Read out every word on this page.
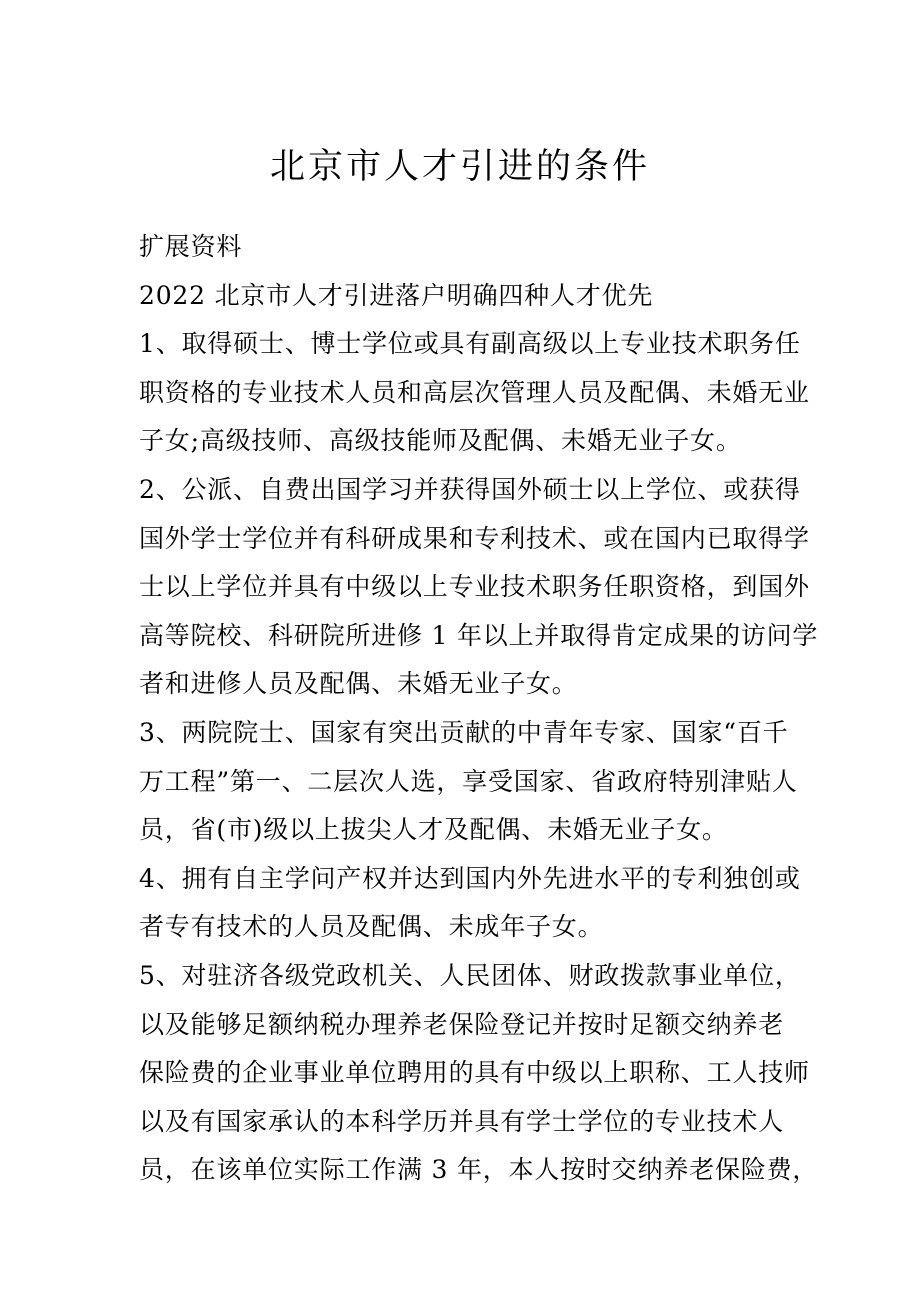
北京市人才引进的条件

扩展资料

2022 北京市人才引进落户明确四种人才优先

1、取得硕士、博士学位或具有副高级以上专业技术职务任

职资格的专业技术人员和高层次管理人员及配偶、未婚无业

子女;高级技师、高级技能师及配偶、未婚无业子女。

2、公派、自费出国学习并获得国外硕士以上学位、或获得

国外学士学位并有科研成果和专利技术、或在国内已取得学

士以上学位并具有中级以上专业技术职务任职资格，到国外

高等院校、科研院所进修 1 年以上并取得肯定成果的访问学

者和进修人员及配偶、未婚无业子女。

3、两院院士、国家有突出贡献的中青年专家、国家“百千

万工程”第一、二层次人选，享受国家、省政府特别津贴人

员，省(市)级以上拔尖人才及配偶、未婚无业子女。

4、拥有自主学问产权并达到国内外先进水平的专利独创或

者专有技术的人员及配偶、未成年子女。

5、对驻济各级党政机关、人民团体、财政拨款事业单位，

以及能够足额纳税办理养老保险登记并按时足额交纳养老

保险费的企业事业单位聘用的具有中级以上职称、工人技师

以及有国家承认的本科学历并具有学士学位的专业技术人

员，在该单位实际工作满 3 年，本人按时交纳养老保险费，
